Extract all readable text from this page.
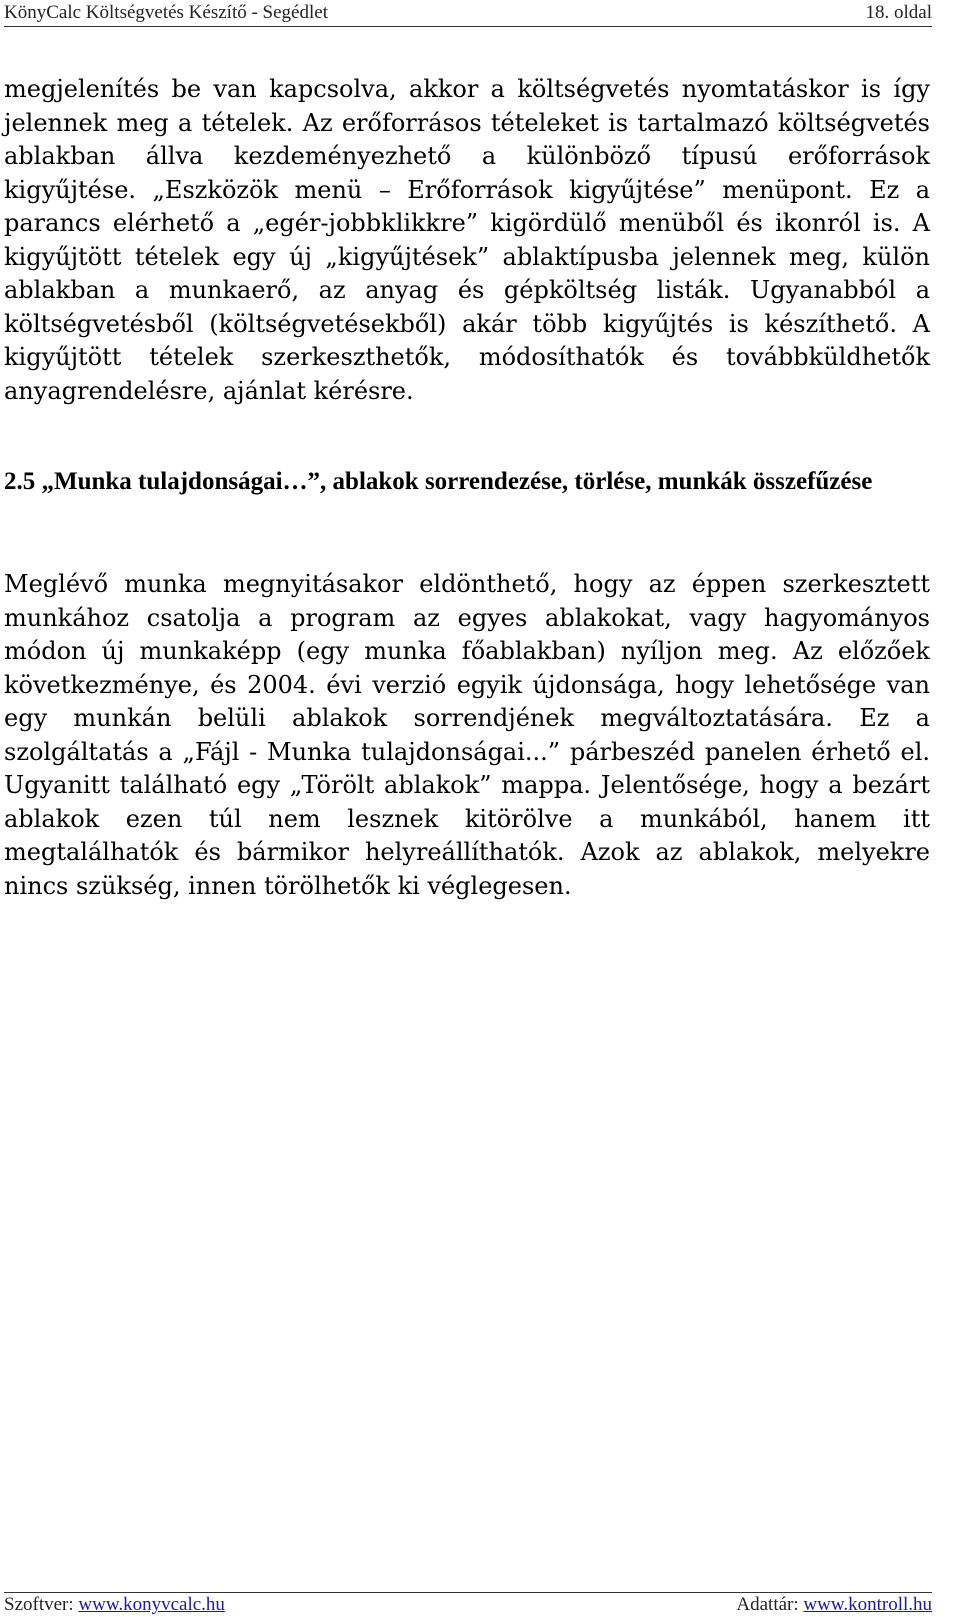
KönyCalc Költségvetés Készítő - Segédlet	18. oldal
megjelenítés be van kapcsolva, akkor a költségvetés nyomtatáskor is így jelennek meg a tételek. Az erőforrásos tételeket is tartalmazó költségvetés ablakban állva kezdeményezhető a különböző típusú erőforrások kigyűjtése. „Eszközök menü – Erőforrások kigyűjtése” menüpont. Ez a parancs elérhető a „egér-jobbklikkre” kigördülő menüből és ikonról is. A kigyűjtött tételek egy új „kigyűjtések” ablaktípusba jelennek meg, külön ablakban a munkaerő, az anyag és gépköltség listák. Ugyanabból a költségvetésből (költségvetésekből) akár több kigyűjtés is készíthető. A kigyűjtött tételek szerkeszthetők, módosíthatók és továbbküldhetők anyagrendelésre, ajánlat kérésre.
2.5 „Munka tulajdonságai…”, ablakok sorrendezése, törlése, munkák összefűzése
Meglévő munka megnyitásakor eldönthető, hogy az éppen szerkesztett munkához csatolja a program az egyes ablakokat, vagy hagyományos módon új munkaképp (egy munka főablakban) nyíljon meg. Az előzőek következménye, és 2004. évi verzió egyik újdonsága, hogy lehetősége van egy munkán belüli ablakok sorrendjének megváltoztatására. Ez a szolgáltatás a „Fájl - Munka tulajdonságai...” párbeszéd panelen érhető el. Ugyanitt található egy „Törölt ablakok” mappa. Jelentősége, hogy a bezárt ablakok ezen túl nem lesznek kitörölve a munkából, hanem itt megtalálhatók és bármikor helyreállíthatók. Azok az ablakok, melyekre nincs szükség, innen törölhetők ki véglegesen.
Szoftver: www.konyvcalc.hu	Adattár: www.kontroll.hu
